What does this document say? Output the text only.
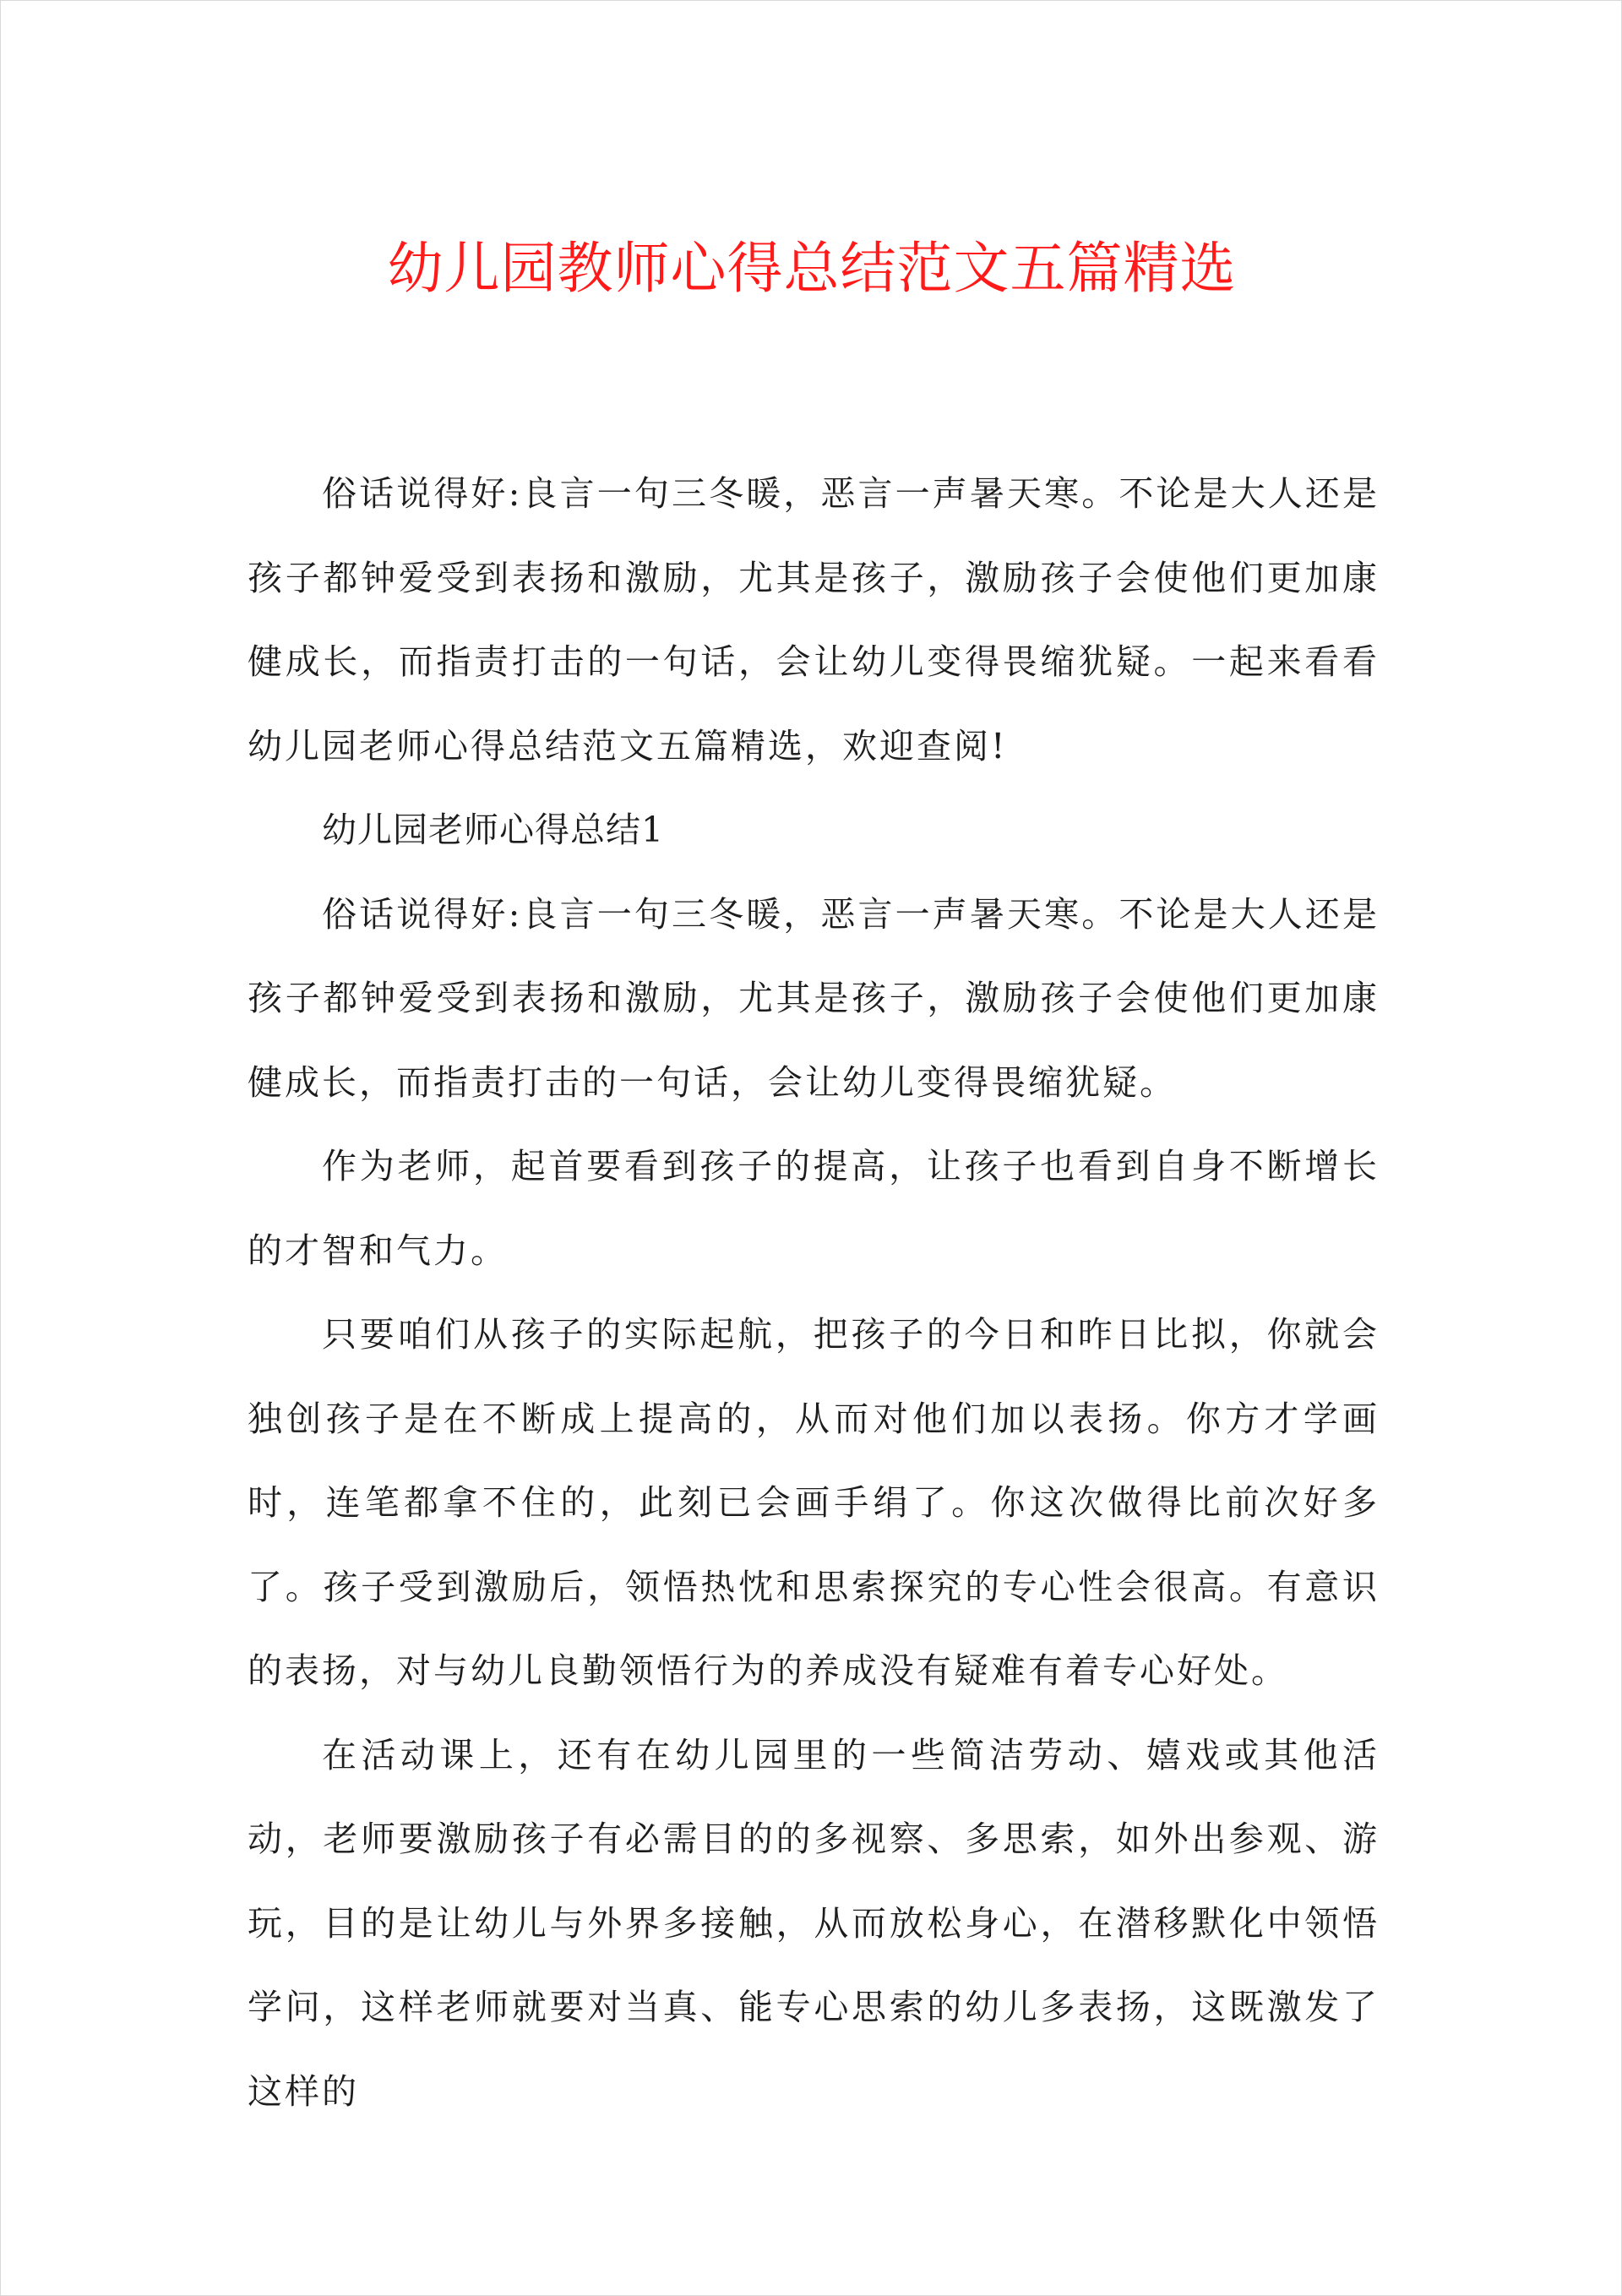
幼儿园教师心得总结范文五篇精选

俗话说得好:良言一句三冬暖，恶言一声暑天寒。不论是大人还是孩子都钟爱受到表扬和激励，尤其是孩子，激励孩子会使他们更加康健成长，而指责打击的一句话，会让幼儿变得畏缩犹疑。一起来看看幼儿园老师心得总结范文五篇精选，欢迎查阅!

幼儿园老师心得总结1

俗话说得好:良言一句三冬暖，恶言一声暑天寒。不论是大人还是孩子都钟爱受到表扬和激励，尤其是孩子，激励孩子会使他们更加康健成长，而指责打击的一句话，会让幼儿变得畏缩犹疑。

作为老师，起首要看到孩子的提高，让孩子也看到自身不断增长的才智和气力。

只要咱们从孩子的实际起航，把孩子的今日和昨日比拟，你就会独创孩子是在不断成上提高的，从而对他们加以表扬。你方才学画时，连笔都拿不住的，此刻已会画手绢了。你这次做得比前次好多了。孩子受到激励后，领悟热忱和思索探究的专心性会很高。有意识的表扬，对与幼儿良勤领悟行为的养成没有疑难有着专心好处。

在活动课上，还有在幼儿园里的一些简洁劳动、嬉戏或其他活动，老师要激励孩子有必需目的的多视察、多思索，如外出参观、游玩，目的是让幼儿与外界多接触，从而放松身心，在潜移默化中领悟学问，这样老师就要对当真、能专心思索的幼儿多表扬，这既激发了这样的
